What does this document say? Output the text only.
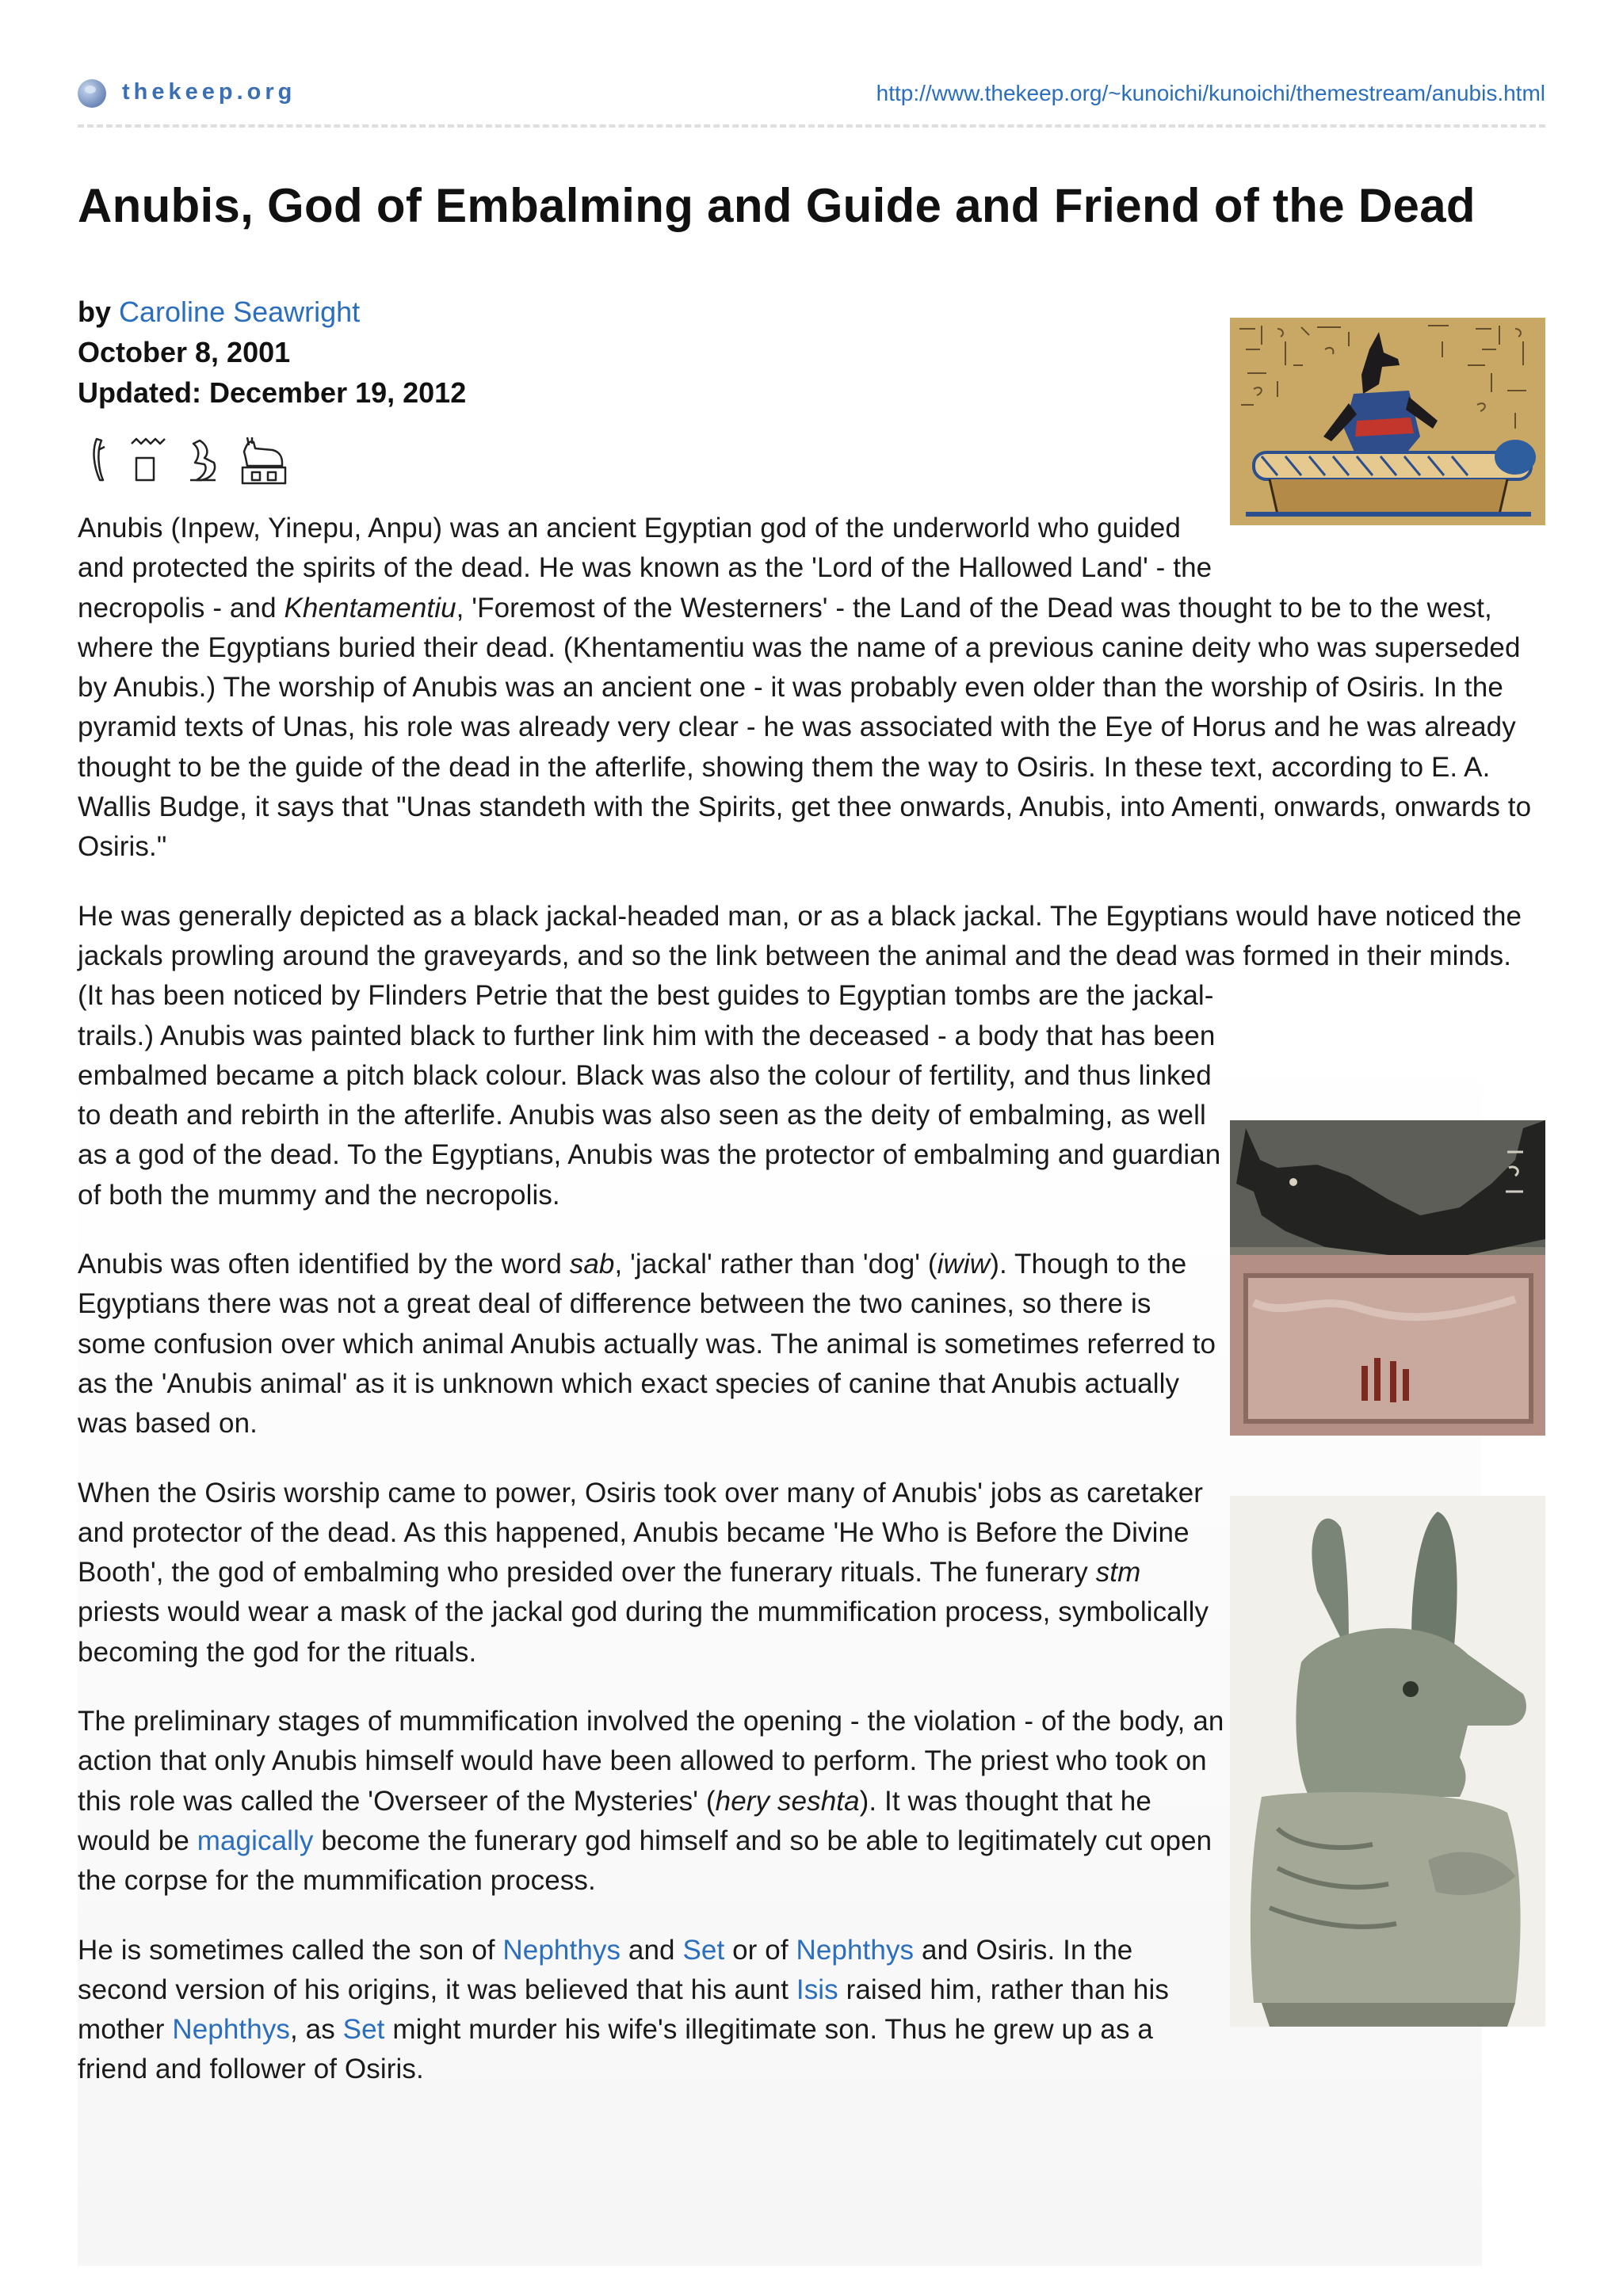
thekeep.org	http://www.thekeep.org/~kunoichi/kunoichi/themestream/anubis.html
Anubis, God of Embalming and Guide and Friend of the Dead
by Caroline Seawright
October 8, 2001
Updated: December 19, 2012

Anubis (Inpew, Yinepu, Anpu) was an ancient Egyptian god of the underworld who guided and protected the spirits of the dead. He was known as the 'Lord of the Hallowed Land' - the necropolis - and Khentamentiu, 'Foremost of the Westerners' - the Land of the Dead was thought to be to the west, where the Egyptians buried their dead. (Khentamentiu was the name of a previous canine deity who was superseded by Anubis.) The worship of Anubis was an ancient one - it was probably even older than the worship of Osiris. In the pyramid texts of Unas, his role was already very clear - he was associated with the Eye of Horus and he was already thought to be the guide of the dead in the afterlife, showing them the way to Osiris. In these text, according to E. A. Wallis Budge, it says that "Unas standeth with the Spirits, get thee onwards, Anubis, into Amenti, onwards, onwards to Osiris."

He was generally depicted as a black jackal-headed man, or as a black jackal. The Egyptians would have noticed the jackals prowling around the graveyards, and so the link between the animal and the dead was formed in their minds. (It has been noticed by Flinders Petrie that the best guides to Egyptian tombs are the jackal-trails.) Anubis was painted black to further link him with the deceased - a body that has been embalmed became a pitch black colour. Black was also the colour of fertility, and thus linked to death and rebirth in the afterlife. Anubis was also seen as the deity of embalming, as well as a god of the dead. To the Egyptians, Anubis was the protector of embalming and guardian of both the mummy and the necropolis.

Anubis was often identified by the word sab, 'jackal' rather than 'dog' (iwiw). Though to the Egyptians there was not a great deal of difference between the two canines, so there is some confusion over which animal Anubis actually was. The animal is sometimes referred to as the 'Anubis animal' as it is unknown which exact species of canine that Anubis actually was based on.

When the Osiris worship came to power, Osiris took over many of Anubis' jobs as caretaker and protector of the dead. As this happened, Anubis became 'He Who is Before the Divine Booth', the god of embalming who presided over the funerary rituals. The funerary stm priests would wear a mask of the jackal god during the mummification process, symbolically becoming the god for the rituals.

The preliminary stages of mummification involved the opening - the violation - of the body, an action that only Anubis himself would have been allowed to perform. The priest who took on this role was called the 'Overseer of the Mysteries' (hery seshta). It was thought that he would be magically become the funerary god himself and so be able to legitimately cut open the corpse for the mummification process.

He is sometimes called the son of Nephthys and Set or of Nephthys and Osiris. In the second version of his origins, it was believed that his aunt Isis raised him, rather than his mother Nephthys, as Set might murder his wife's illegitimate son. Thus he grew up as a friend and follower of Osiris.
